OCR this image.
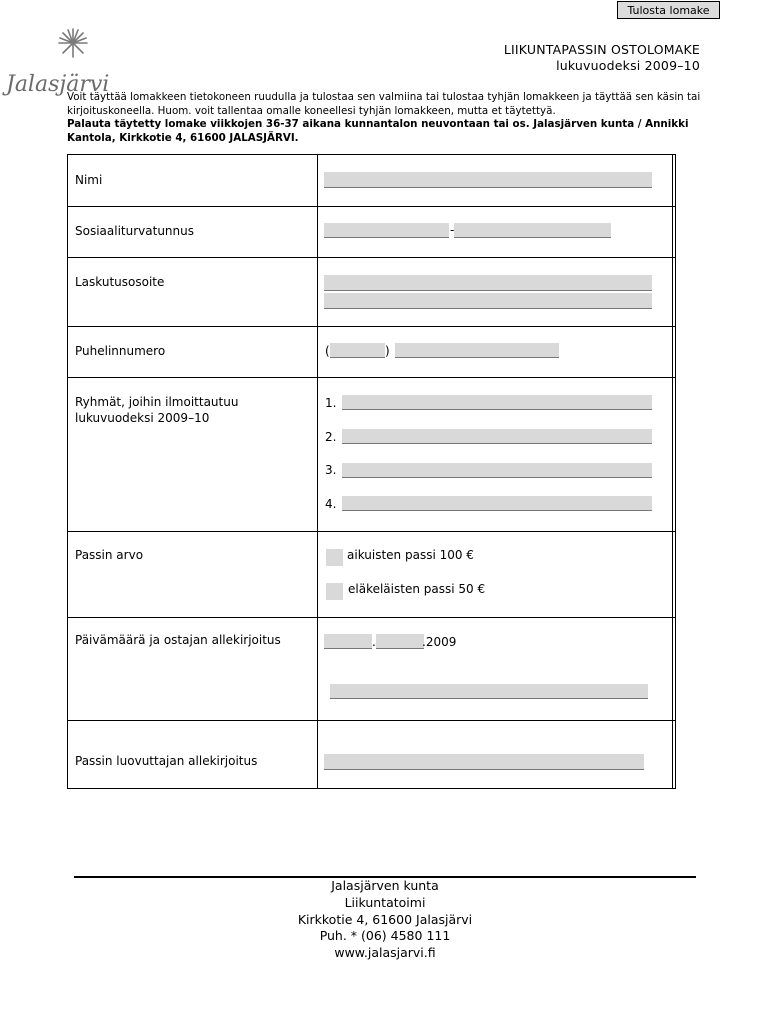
Tulosta lomake
Jalasjärvi
LIIKUNTAPASSIN OSTOLOMAKE
lukuvuodeksi 2009–10
Voit täyttää lomakkeen tietokoneen ruudulla ja tulostaa sen valmiina tai tulostaa tyhjän lomakkeen ja täyttää sen käsin tai kirjoituskoneella. Huom. voit tallentaa omalle koneellesi tyhjän lomakkeen, mutta et täytettyä.
Palauta täytetty lomake viikkojen 36-37 aikana kunnantalon neuvontaan tai os. Jalasjärven kunta / Annikki Kantola, Kirkkotie 4, 61600 JALASJÄRVI.
Nimi
Sosiaaliturvatunnus	-
Laskutusosoite
Puhelinnumero	(	)
Ryhmät, joihin ilmoittautuu
lukuvuodeksi 2009–10
1.
2.
3.
4.
Passin arvo	aikuisten passi 100 €
eläkeläisten passi 50 €
Päivämäärä ja ostajan allekirjoitus	.	.2009
Passin luovuttajan allekirjoitus
Jalasjärven kunta
Liikuntatoimi
Kirkkotie 4, 61600 Jalasjärvi
Puh. * (06) 4580 111
www.jalasjarvi.fi
